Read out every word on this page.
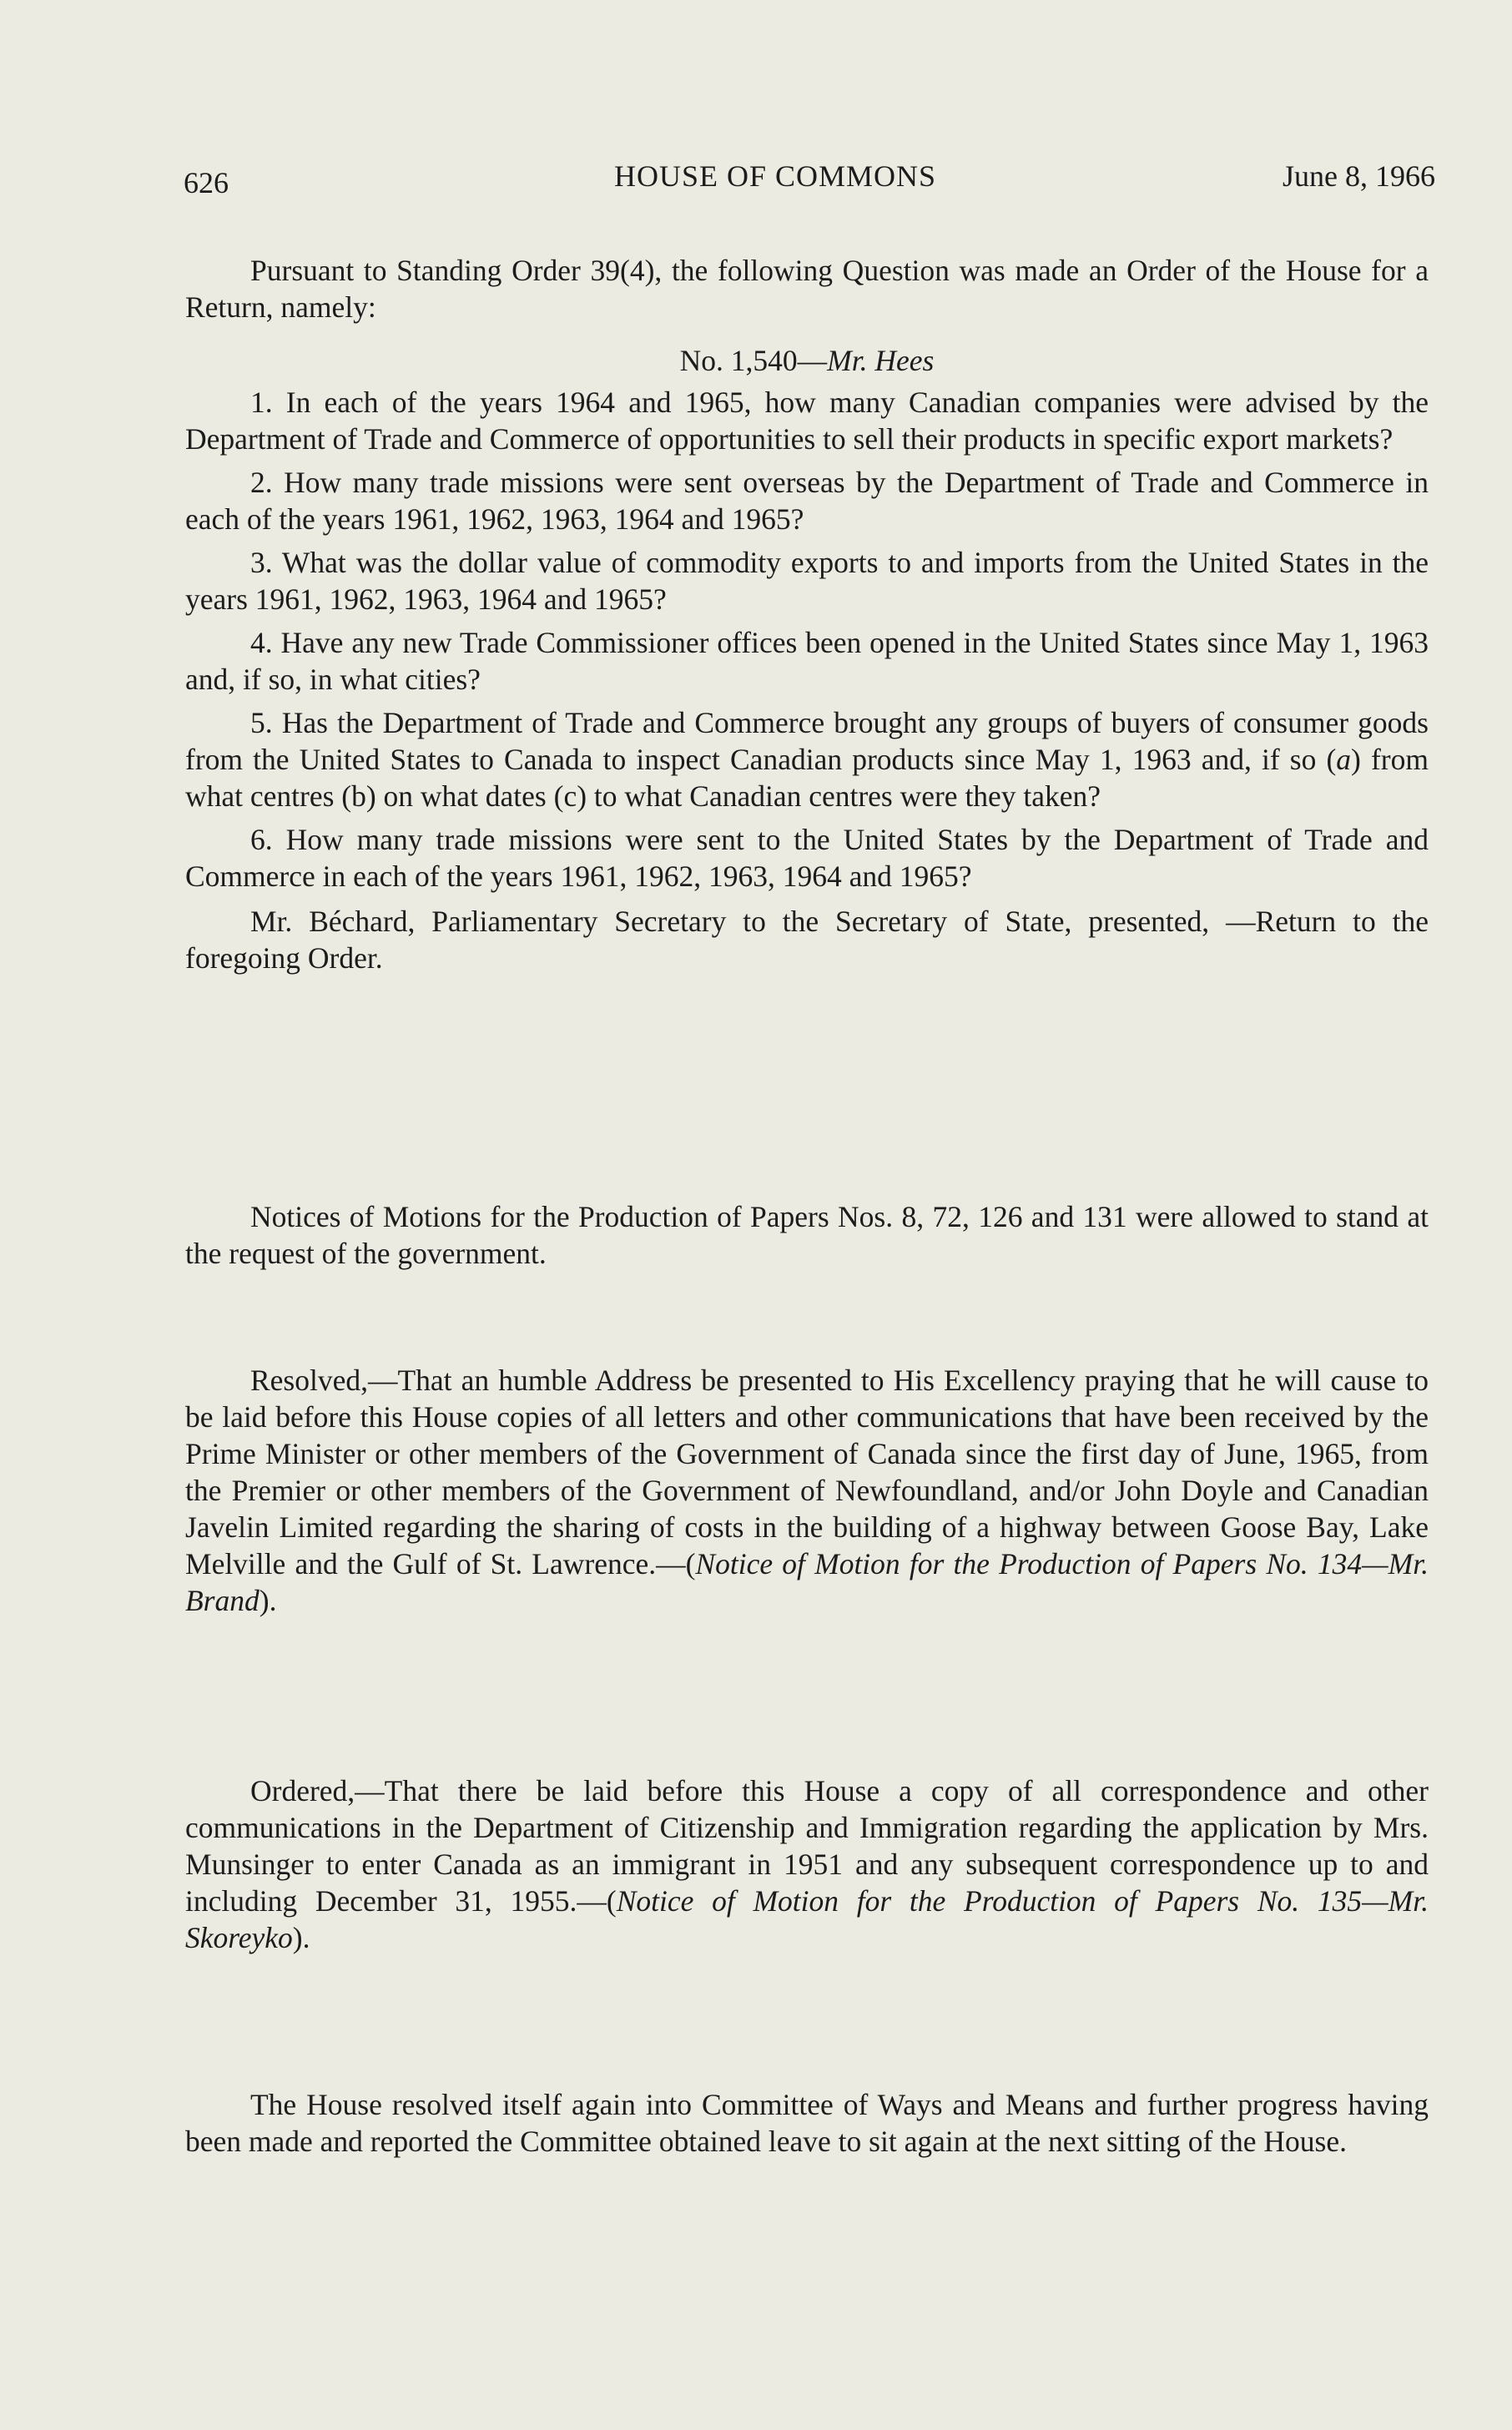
626	HOUSE OF COMMONS	June 8, 1966

Pursuant to Standing Order 39(4), the following Question was made an Order of the House for a Return, namely:

No. 1,540—Mr. Hees

1. In each of the years 1964 and 1965, how many Canadian companies were advised by the Department of Trade and Commerce of opportunities to sell their products in specific export markets?

2. How many trade missions were sent overseas by the Department of Trade and Commerce in each of the years 1961, 1962, 1963, 1964 and 1965?

3. What was the dollar value of commodity exports to and imports from the United States in the years 1961, 1962, 1963, 1964 and 1965?

4. Have any new Trade Commissioner offices been opened in the United States since May 1, 1963 and, if so, in what cities?

5. Has the Department of Trade and Commerce brought any groups of buyers of consumer goods from the United States to Canada to inspect Canadian products since May 1, 1963 and, if so (a) from what centres (b) on what dates (c) to what Canadian centres were they taken?

6. How many trade missions were sent to the United States by the Department of Trade and Commerce in each of the years 1961, 1962, 1963, 1964 and 1965?

Mr. Béchard, Parliamentary Secretary to the Secretary of State, presented, —Return to the foregoing Order.

Notices of Motions for the Production of Papers Nos. 8, 72, 126 and 131 were allowed to stand at the request of the government.

Resolved,—That an humble Address be presented to His Excellency praying that he will cause to be laid before this House copies of all letters and other communications that have been received by the Prime Minister or other members of the Government of Canada since the first day of June, 1965, from the Premier or other members of the Government of Newfoundland, and/or John Doyle and Canadian Javelin Limited regarding the sharing of costs in the building of a highway between Goose Bay, Lake Melville and the Gulf of St. Lawrence.—(Notice of Motion for the Production of Papers No. 134—Mr. Brand).

Ordered,—That there be laid before this House a copy of all correspondence and other communications in the Department of Citizenship and Immigration regarding the application by Mrs. Munsinger to enter Canada as an immigrant in 1951 and any subsequent correspondence up to and including December 31, 1955.—(Notice of Motion for the Production of Papers No. 135—Mr. Skoreyko).

The House resolved itself again into Committee of Ways and Means and further progress having been made and reported the Committee obtained leave to sit again at the next sitting of the House.
